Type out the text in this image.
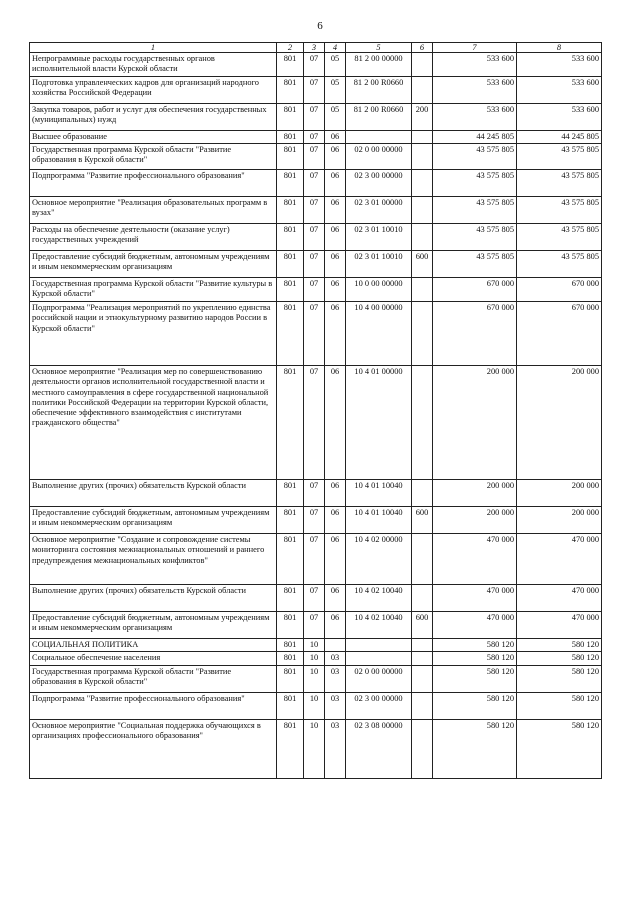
6
1	2	3	4	5	6	7	8
Непрограммные расходы государственных органов исполнительной власти Курской области	801	07	05	81 2 00 00000		533 600	533 600
Подготовка управленческих кадров для организаций народного хозяйства Российской Федерации	801	07	05	81 2 00 R0660		533 600	533 600
Закупка товаров, работ и услуг для обеспечения государственных (муниципальных) нужд	801	07	05	81 2 00 R0660	200	533 600	533 600
Высшее образование	801	07	06			44 245 805	44 245 805
Государственная программа Курской области "Развитие образования в Курской области"	801	07	06	02 0 00 00000		43 575 805	43 575 805
Подпрограмма "Развитие профессионального образования"	801	07	06	02 3 00 00000		43 575 805	43 575 805
Основное мероприятие "Реализация образовательных программ в вузах"	801	07	06	02 3 01 00000		43 575 805	43 575 805
Расходы на обеспечение деятельности (оказание услуг) государственных учреждений	801	07	06	02 3 01 10010		43 575 805	43 575 805
Предоставление субсидий бюджетным, автономным учреждениям и иным некоммерческим организациям	801	07	06	02 3 01 10010	600	43 575 805	43 575 805
Государственная программа Курской области "Развитие культуры в Курской области"	801	07	06	10 0 00 00000		670 000	670 000
Подпрограмма "Реализация мероприятий по укреплению единства российской нации и этнокультурному развитию народов России в Курской области"	801	07	06	10 4 00 00000		670 000	670 000
Основное мероприятие "Реализация мер по совершенствованию деятельности органов исполнительной государственной власти и местного самоуправления в сфере государственной национальной политики Российской Федерации на территории Курской области, обеспечение эффективного взаимодействия с институтами гражданского общества"	801	07	06	10 4 01 00000		200 000	200 000
Выполнение других (прочих) обязательств Курской области	801	07	06	10 4 01 10040		200 000	200 000
Предоставление субсидий бюджетным, автономным учреждениям и иным некоммерческим организациям	801	07	06	10 4 01 10040	600	200 000	200 000
Основное мероприятие "Создание и сопровождение системы мониторинга состояния межнациональных отношений и раннего предупреждения межнациональных конфликтов"	801	07	06	10 4 02 00000		470 000	470 000
Выполнение других (прочих) обязательств Курской области	801	07	06	10 4 02 10040		470 000	470 000
Предоставление субсидий бюджетным, автономным учреждениям и иным некоммерческим организациям	801	07	06	10 4 02 10040	600	470 000	470 000
СОЦИАЛЬНАЯ ПОЛИТИКА	801	10				580 120	580 120
Социальное обеспечение населения	801	10	03			580 120	580 120
Государственная программа Курской области "Развитие образования в Курской области"	801	10	03	02 0 00 00000		580 120	580 120
Подпрограмма "Развитие профессионального образования"	801	10	03	02 3 00 00000		580 120	580 120
Основное мероприятие "Социальная поддержка обучающихся в организациях профессионального образования"	801	10	03	02 3 08 00000		580 120	580 120
